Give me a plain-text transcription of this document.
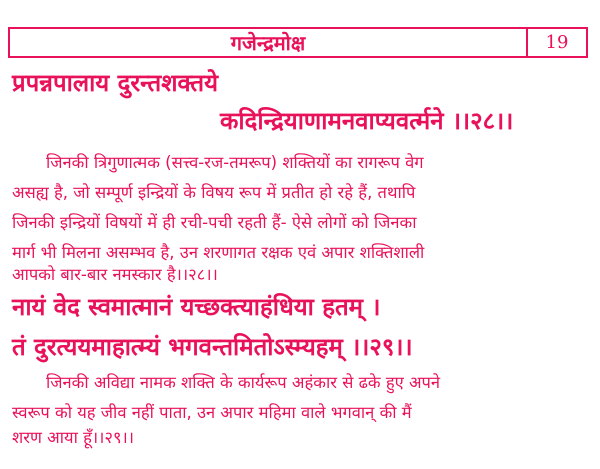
गजेन्द्रमोक्ष	19
प्रपन्नपालाय दुरन्तशक्तये
कदिन्द्रियाणामनवाप्यवर्त्मने ।।२८।।
जिनकी त्रिगुणात्मक (सत्त्व-रज-तमरूप) शक्तियों का रागरूप वेग
असह्य है, जो सम्पूर्ण इन्द्रियों के विषय रूप में प्रतीत हो रहे हैं, तथापि
जिनकी इन्द्रियों विषयों में ही रची-पची रहती हैं- ऐसे लोगों को जिनका
मार्ग भी मिलना असम्भव है, उन शरणागत रक्षक एवं अपार शक्तिशाली
आपको बार-बार नमस्कार है।।२८।।
नायं वेद स्वमात्मानं यच्छक्त्याहंधिया हतम् ।
तं दुरत्ययमाहात्म्यं भगवन्तमितोऽस्म्यहम् ।।२९।।
जिनकी अविद्या नामक शक्ति के कार्यरूप अहंकार से ढके हुए अपने
स्वरूप को यह जीव नहीं पाता, उन अपार महिमा वाले भगवान् की मैं
शरण आया हूँ।।२९।।
